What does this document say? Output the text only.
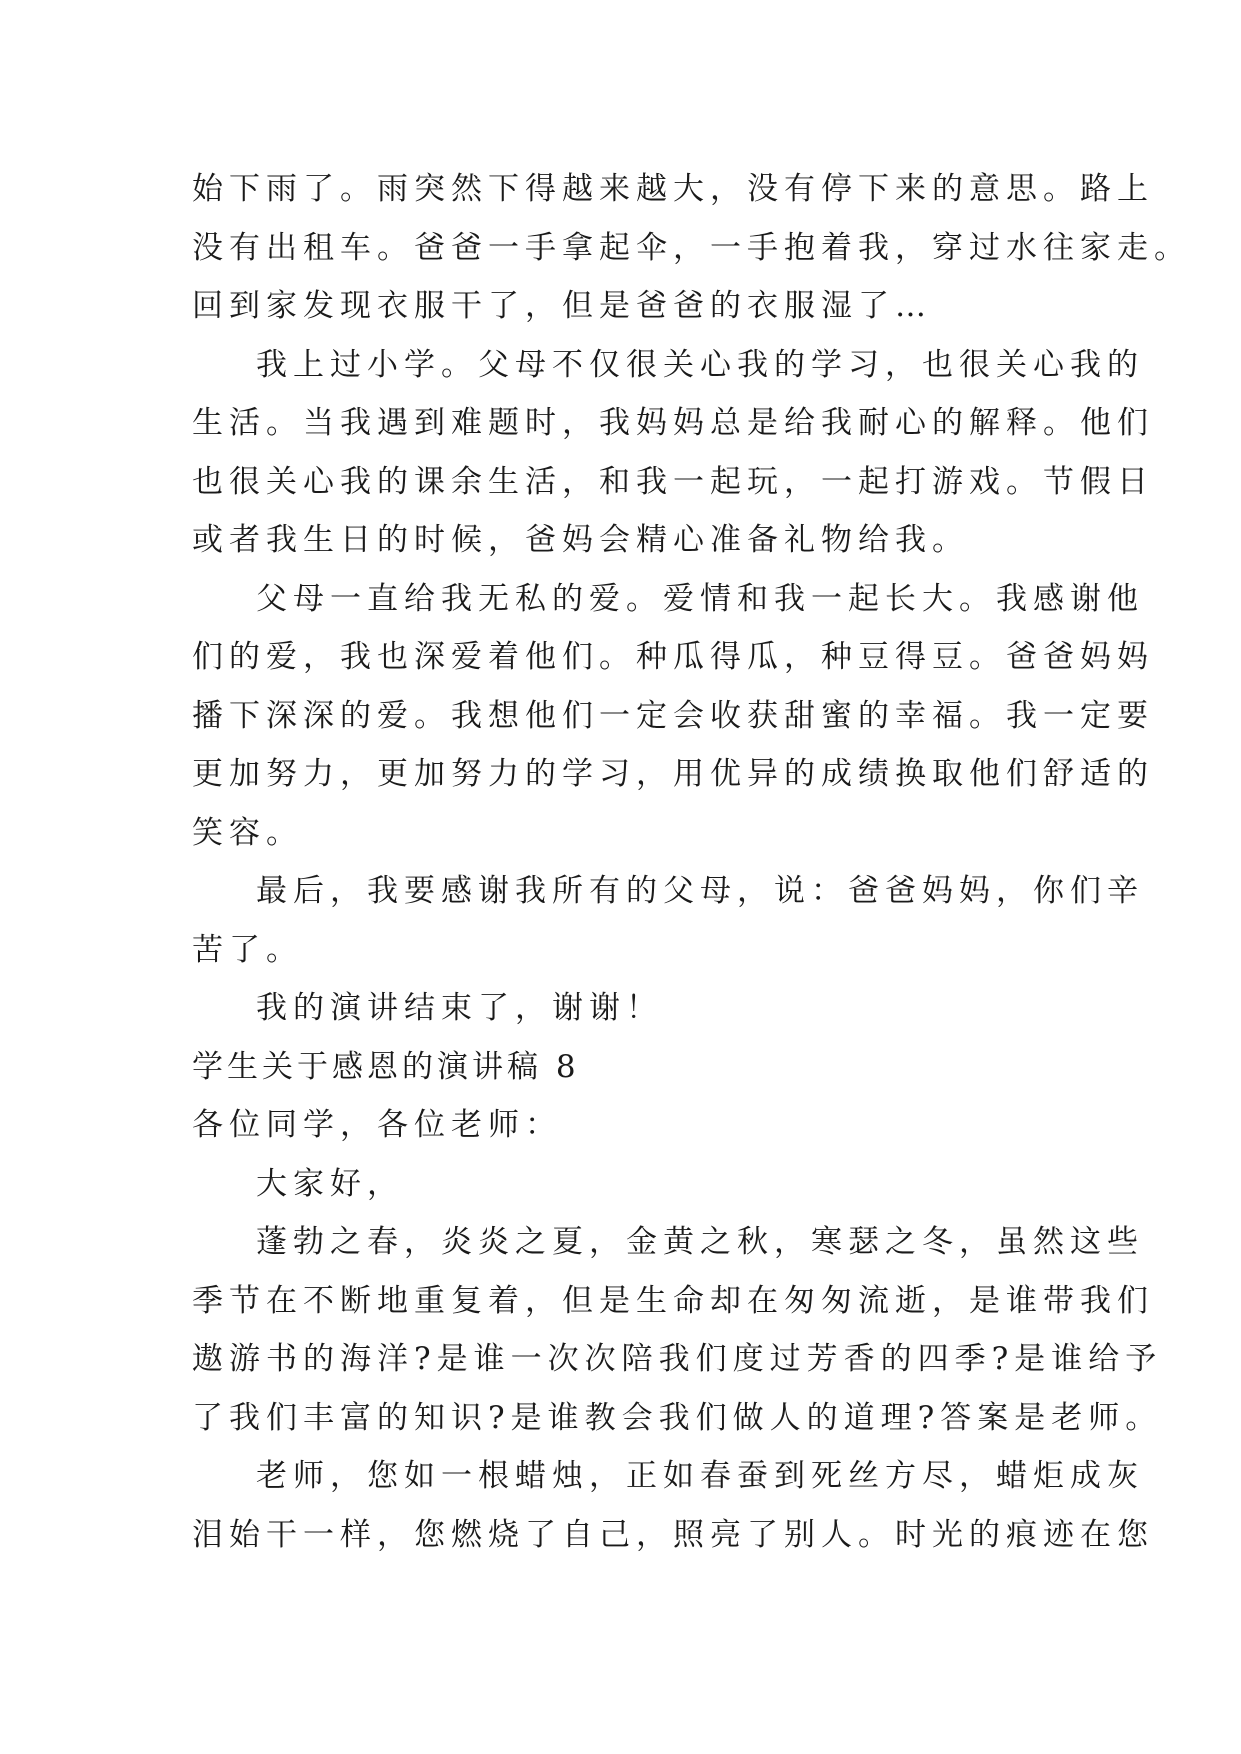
始下雨了。雨突然下得越来越大，没有停下来的意思。路上
没有出租车。爸爸一手拿起伞，一手抱着我，穿过水往家走。
回到家发现衣服干了，但是爸爸的衣服湿了…
我上过小学。父母不仅很关心我的学习，也很关心我的
生活。当我遇到难题时，我妈妈总是给我耐心的解释。他们
也很关心我的课余生活，和我一起玩，一起打游戏。节假日
或者我生日的时候，爸妈会精心准备礼物给我。
父母一直给我无私的爱。爱情和我一起长大。我感谢他
们的爱，我也深爱着他们。种瓜得瓜，种豆得豆。爸爸妈妈
播下深深的爱。我想他们一定会收获甜蜜的幸福。我一定要
更加努力，更加努力的学习，用优异的成绩换取他们舒适的
笑容。
最后，我要感谢我所有的父母，说：爸爸妈妈，你们辛
苦了。
我的演讲结束了，谢谢！
学生关于感恩的演讲稿 8
各位同学，各位老师：
大家好，
蓬勃之春，炎炎之夏，金黄之秋，寒瑟之冬，虽然这些
季节在不断地重复着，但是生命却在匆匆流逝，是谁带我们
遨游书的海洋?是谁一次次陪我们度过芳香的四季?是谁给予
了我们丰富的知识?是谁教会我们做人的道理?答案是老师。
老师，您如一根蜡烛，正如春蚕到死丝方尽，蜡炬成灰
泪始干一样，您燃烧了自己，照亮了别人。时光的痕迹在您
